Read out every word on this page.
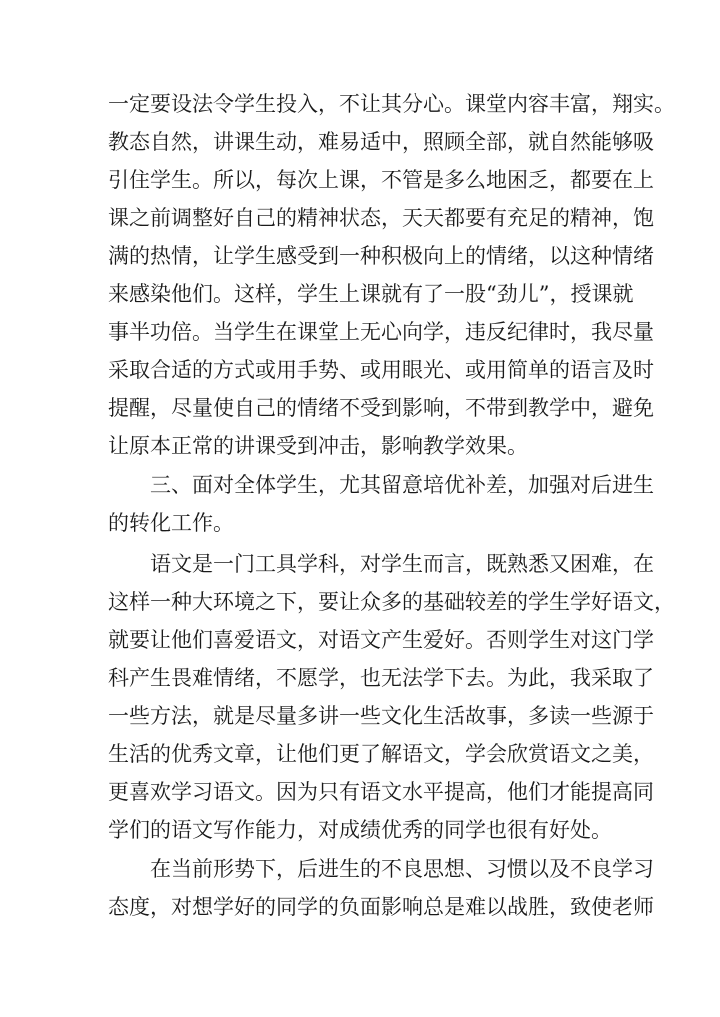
一定要设法令学生投入，不让其分心。课堂内容丰富，翔实。
教态自然，讲课生动，难易适中，照顾全部，就自然能够吸
引住学生。所以，每次上课，不管是多么地困乏，都要在上
课之前调整好自己的精神状态，天天都要有充足的精神，饱
满的热情，让学生感受到一种积极向上的情绪，以这种情绪
来感染他们。这样，学生上课就有了一股“劲儿”，授课就
事半功倍。当学生在课堂上无心向学，违反纪律时，我尽量
采取合适的方式或用手势、或用眼光、或用简单的语言及时
提醒，尽量使自己的情绪不受到影响，不带到教学中，避免
让原本正常的讲课受到冲击，影响教学效果。
三、面对全体学生，尤其留意培优补差，加强对后进生
的转化工作。
语文是一门工具学科，对学生而言，既熟悉又困难，在
这样一种大环境之下，要让众多的基础较差的学生学好语文，
就要让他们喜爱语文，对语文产生爱好。否则学生对这门学
科产生畏难情绪，不愿学，也无法学下去。为此，我采取了
一些方法，就是尽量多讲一些文化生活故事，多读一些源于
生活的优秀文章，让他们更了解语文，学会欣赏语文之美，
更喜欢学习语文。因为只有语文水平提高，他们才能提高同
学们的语文写作能力，对成绩优秀的同学也很有好处。
在当前形势下，后进生的不良思想、习惯以及不良学习
态度，对想学好的同学的负面影响总是难以战胜，致使老师
